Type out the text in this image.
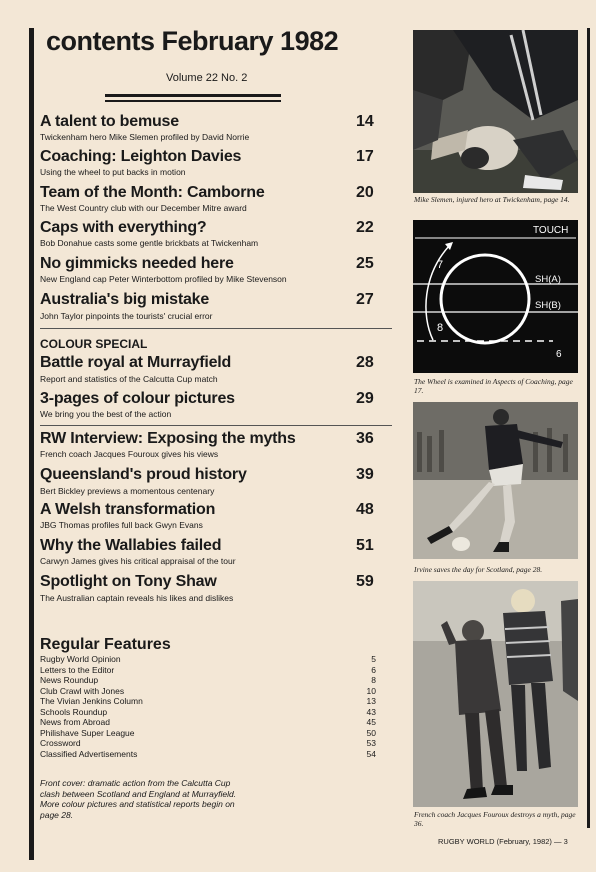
contents February 1982
Volume 22 No. 2
A talent to bemuse	14
Twickenham hero Mike Slemen profiled by David Norrie
Coaching: Leighton Davies	17
Using the wheel to put backs in motion
Team of the Month: Camborne	20
The West Country club with our December Mitre award
Caps with everything?	22
Bob Donahue casts some gentle brickbats at Twickenham
No gimmicks needed here	25
New England cap Peter Winterbottom profiled by Mike Stevenson
Australia's big mistake	27
John Taylor pinpoints the tourists' crucial error
COLOUR SPECIAL
Battle royal at Murrayfield	28
Report and statistics of the Calcutta Cup match
3-pages of colour pictures	29
We bring you the best of the action
RW Interview: Exposing the myths	36
French coach Jacques Fouroux gives his views
Queensland's proud history	39
Bert Bickley previews a momentous centenary
A Welsh transformation	48
JBG Thomas profiles full back Gwyn Evans
Why the Wallabies failed	51
Carwyn James gives his critical appraisal of the tour
Spotlight on Tony Shaw	59
The Australian captain reveals his likes and dislikes
Regular Features
Rugby World Opinion	5
Letters to the Editor	6
News Roundup	8
Club Crawl with Jones	10
The Vivian Jenkins Column	13
Schools Roundup	43
News from Abroad	45
Philishave Super League	50
Crossword	53
Classified Advertisements	54
Front cover: dramatic action from the Calcutta Cup clash between Scotland and England at Murrayfield. More colour pictures and statistical reports begin on page 28.
Mike Slemen, injured hero at Twickenham, page 14.
TOUCH
SH(A)
SH(B)
7
8
6
The Wheel is examined in Aspects of Coaching, page 17.
Irvine saves the day for Scotland, page 28.
French coach Jacques Fouroux destroys a myth, page 36.
RUGBY WORLD (February, 1982) — 3
